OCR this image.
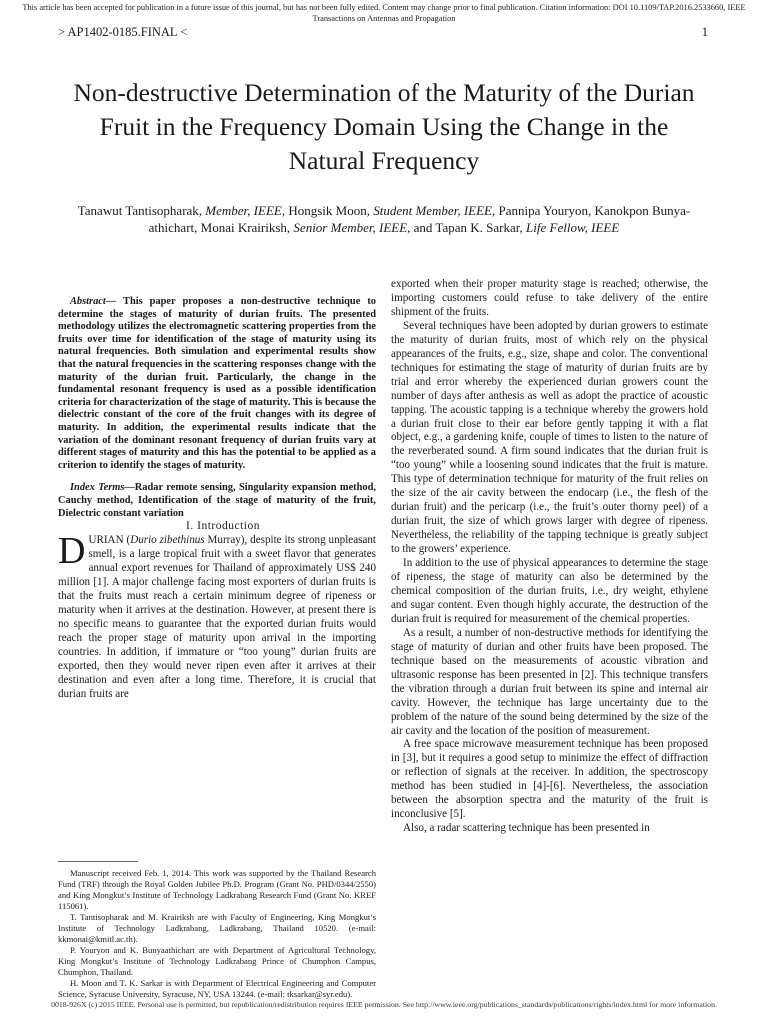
This article has been accepted for publication in a future issue of this journal, but has not been fully edited. Content may change prior to final publication. Citation information: DOI 10.1109/TAP.2016.2533660, IEEE Transactions on Antennas and Propagation
> AP1402-0185.FINAL <	1
Non-destructive Determination of the Maturity of the Durian Fruit in the Frequency Domain Using the Change in the Natural Frequency
Tanawut Tantisopharak, Member, IEEE, Hongsik Moon, Student Member, IEEE, Pannipa Youryon, Kanokpon Bunya-athichart, Monai Krairiksh, Senior Member, IEEE, and Tapan K. Sarkar, Life Fellow, IEEE

Abstract— This paper proposes a non-destructive technique to determine the stages of maturity of durian fruits. The presented methodology utilizes the electromagnetic scattering properties from the fruits over time for identification of the stage of maturity using its natural frequencies. Both simulation and experimental results show that the natural frequencies in the scattering responses change with the maturity of the durian fruit. Particularly, the change in the fundamental resonant frequency is used as a possible identification criteria for characterization of the stage of maturity. This is because the dielectric constant of the core of the fruit changes with its degree of maturity. In addition, the experimental results indicate that the variation of the dominant resonant frequency of durian fruits vary at different stages of maturity and this has the potential to be applied as a criterion to identify the stages of maturity.

Index Terms—Radar remote sensing, Singularity expansion method, Cauchy method, Identification of the stage of maturity of the fruit, Dielectric constant variation

I. Introduction

DURIAN (Durio zibethinus Murray), despite its strong unpleasant smell, is a large tropical fruit with a sweet flavor that generates annual export revenues for Thailand of approximately US$ 240 million [1]. A major challenge facing most exporters of durian fruits is that the fruits must reach a certain minimum degree of ripeness or maturity when it arrives at the destination. However, at present there is no specific means to guarantee that the exported durian fruits would reach the proper stage of maturity upon arrival in the importing countries. In addition, if immature or “too young” durian fruits are exported, then they would never ripen even after it arrives at their destination and even after a long time. Therefore, it is crucial that durian fruits are

Manuscript received Feb. 1, 2014. This work was supported by the Thailand Research Fund (TRF) through the Royal Golden Jubilee Ph.D. Program (Grant No. PHD/0344/2550) and King Mongkut’s Institute of Technology Ladkrabang Research Fund (Grant No. KREF 115061).

T. Tantisopharak and M. Krairiksh are with Faculty of Engineering, King Mongkut’s Institute of Technology Ladkrabang, Ladkrabang, Thailand 10520. (e-mail: kkmonai@kmitl.ac.th).

P. Youryon and K. Bunyaathichart are with Department of Agricultural Technology, King Mongkut’s Institute of Technology Ladkrabang Prince of Chumphon Campus, Chumphon, Thailand.

H. Moon and T. K. Sarkar is with Department of Electrical Engineering and Computer Science, Syracuse University, Syracuse, NY, USA 13244. (e-mail: tksarkar@syr.edu).

exported when their proper maturity stage is reached; otherwise, the importing customers could refuse to take delivery of the entire shipment of the fruits.

Several techniques have been adopted by durian growers to estimate the maturity of durian fruits, most of which rely on the physical appearances of the fruits, e.g., size, shape and color. The conventional techniques for estimating the stage of maturity of durian fruits are by trial and error whereby the experienced durian growers count the number of days after anthesis as well as adopt the practice of acoustic tapping. The acoustic tapping is a technique whereby the growers hold a durian fruit close to their ear before gently tapping it with a flat object, e.g., a gardening knife, couple of times to listen to the nature of the reverberated sound. A firm sound indicates that the durian fruit is “too young” while a loosening sound indicates that the fruit is mature. This type of determination technique for maturity of the fruit relies on the size of the air cavity between the endocarp (i.e., the flesh of the durian fruit) and the pericarp (i.e., the fruit’s outer thorny peel) of a durian fruit, the size of which grows larger with degree of ripeness. Nevertheless, the reliability of the tapping technique is greatly subject to the growers’ experience.

In addition to the use of physical appearances to determine the stage of ripeness, the stage of maturity can also be determined by the chemical composition of the durian fruits, i.e., dry weight, ethylene and sugar content. Even though highly accurate, the destruction of the durian fruit is required for measurement of the chemical properties.

As a result, a number of non-destructive methods for identifying the stage of maturity of durian and other fruits have been proposed. The technique based on the measurements of acoustic vibration and ultrasonic response has been presented in [2]. This technique transfers the vibration through a durian fruit between its spine and internal air cavity. However, the technique has large uncertainty due to the problem of the nature of the sound being determined by the size of the air cavity and the location of the position of measurement.

A free space microwave measurement technique has been proposed in [3], but it requires a good setup to minimize the effect of diffraction or reflection of signals at the receiver. In addition, the spectroscopy method has been studied in [4]-[6]. Nevertheless, the association between the absorption spectra and the maturity of the fruit is inconclusive [5].

Also, a radar scattering technique has been presented in

0018-926X (c) 2015 IEEE. Personal use is permitted, but republication/redistribution requires IEEE permission. See http://www.ieee.org/publications_standards/publications/rights/index.html for more information.
